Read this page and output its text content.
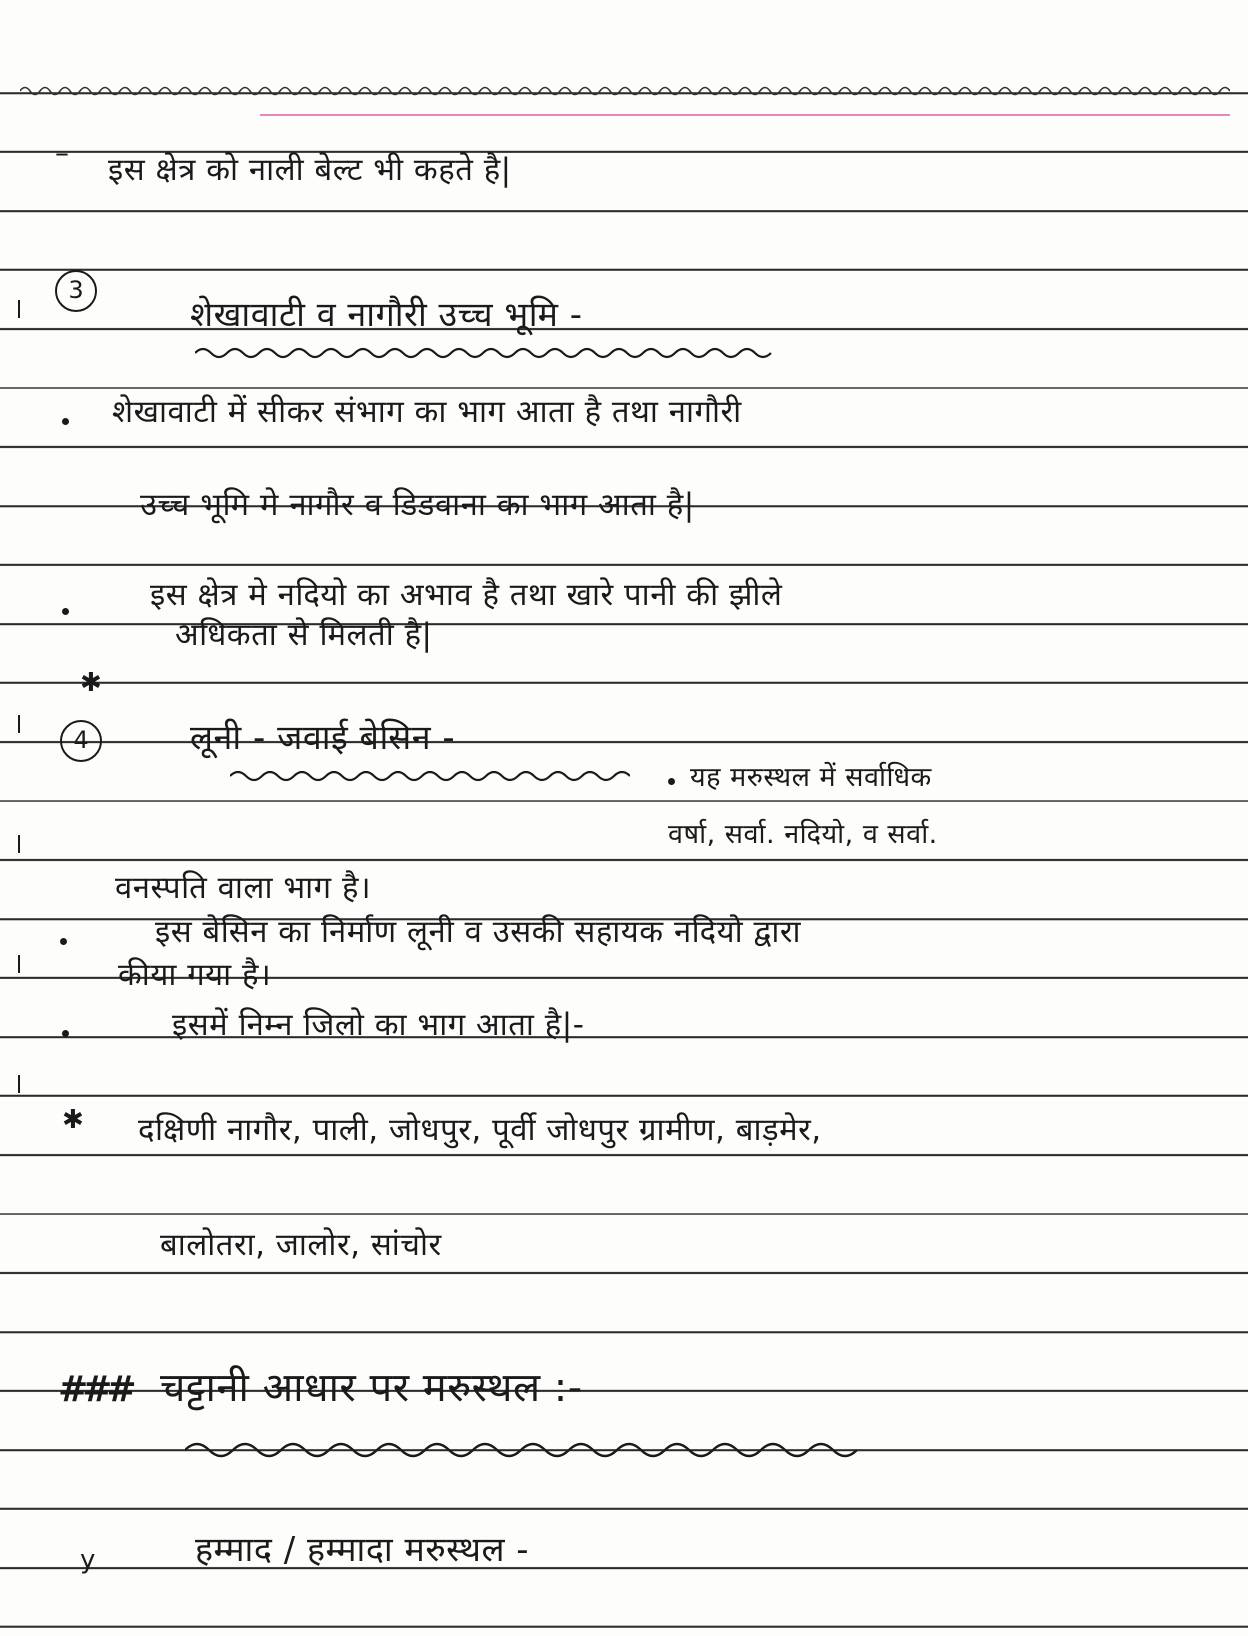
– इस क्षेत्र को नाली बेल्ट भी कहते है|
3
शेखावाटी व नागौरी उच्च भूमि -
शेखावाटी में सीकर संभाग का भाग आता है तथा नागौरी
उच्च भूमि मे नागौर व डिडवाना का भाग आता है|
इस क्षेत्र मे नदियो का अभाव है तथा खारे पानी की झीले
अधिकता से मिलती है|
✱
4	लूनी - जवाई बेसिन -
यह मरुस्थल में सर्वाधिक
वर्षा, सर्वा. नदियो, व सर्वा.
वनस्पति वाला भाग है।
इस बेसिन का निर्माण लूनी व उसकी सहायक नदियो द्वारा
कीया गया है।
इसमें निम्न जिलो का भाग आता है|-
✱ दक्षिणी नागौर, पाली, जोधपुर, पूर्वी जोधपुर ग्रामीण, बाड़मेर,
बालोतरा, जालोर, सांचोर
### चट्टानी आधार पर मरुस्थल :-
y	हम्माद / हम्मादा मरुस्थल -
